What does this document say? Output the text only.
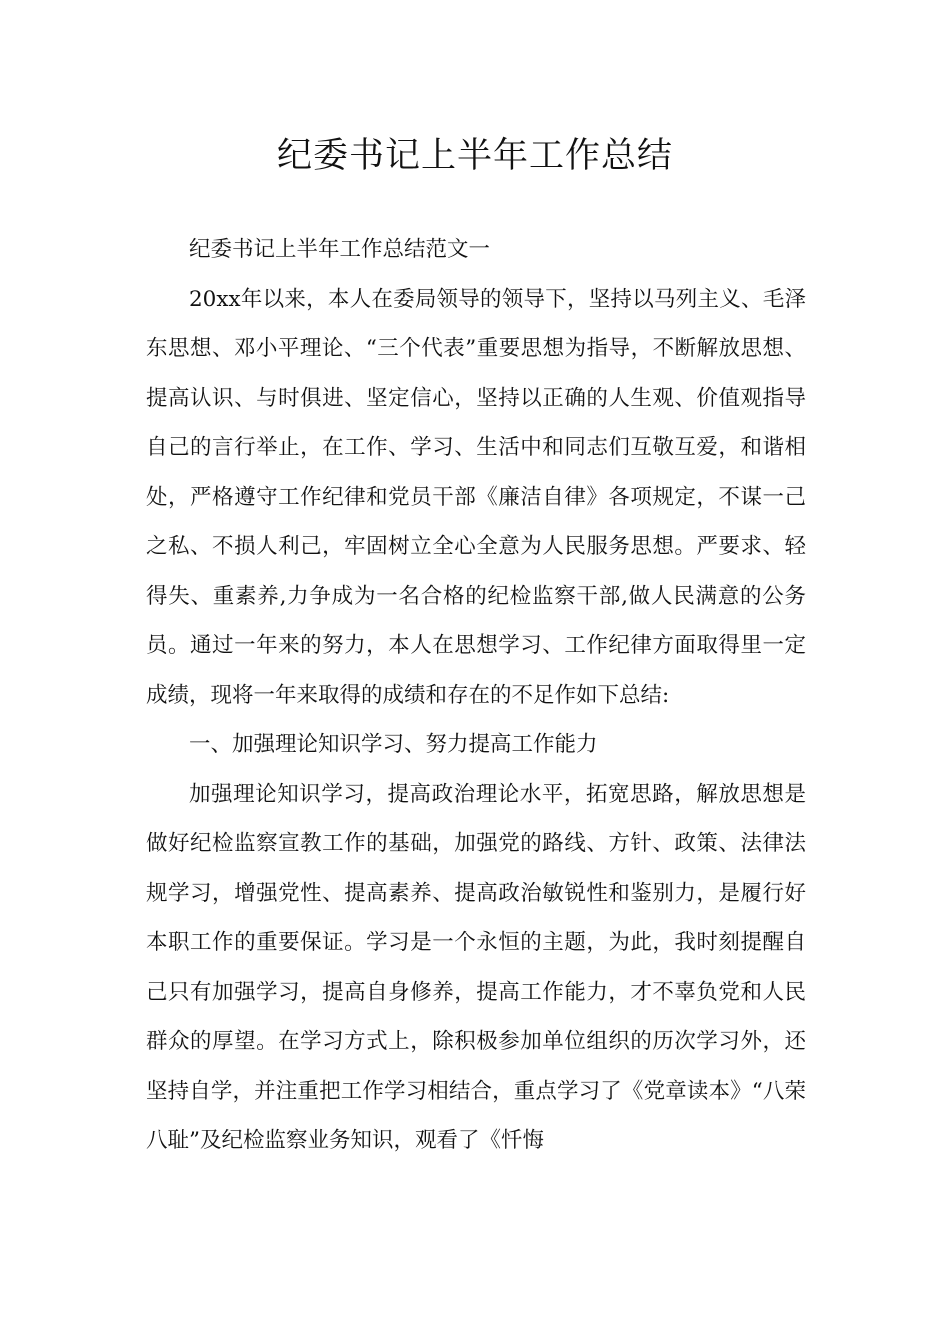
纪委书记上半年工作总结

纪委书记上半年工作总结范文一

20xx年以来，本人在委局领导的领导下，坚持以马列主义、毛泽东思想、邓小平理论、“三个代表”重要思想为指导，不断解放思想、提高认识、与时俱进、坚定信心，坚持以正确的人生观、价值观指导自己的言行举止，在工作、学习、生活中和同志们互敬互爱，和谐相处，严格遵守工作纪律和党员干部《廉洁自律》各项规定，不谋一己之私、不损人利己，牢固树立全心全意为人民服务思想。严要求、轻得失、重素养,力争成为一名合格的纪检监察干部,做人民满意的公务员。通过一年来的努力，本人在思想学习、工作纪律方面取得里一定成绩，现将一年来取得的成绩和存在的不足作如下总结:

一、加强理论知识学习、努力提高工作能力

加强理论知识学习，提高政治理论水平，拓宽思路，解放思想是做好纪检监察宣教工作的基础，加强党的路线、方针、政策、法律法规学习，增强党性、提高素养、提高政治敏锐性和鉴别力，是履行好本职工作的重要保证。学习是一个永恒的主题，为此，我时刻提醒自己只有加强学习，提高自身修养，提高工作能力，才不辜负党和人民群众的厚望。在学习方式上，除积极参加单位组织的历次学习外，还坚持自学，并注重把工作学习相结合，重点学习了《党章读本》“八荣八耻”及纪检监察业务知识，观看了《忏悔
